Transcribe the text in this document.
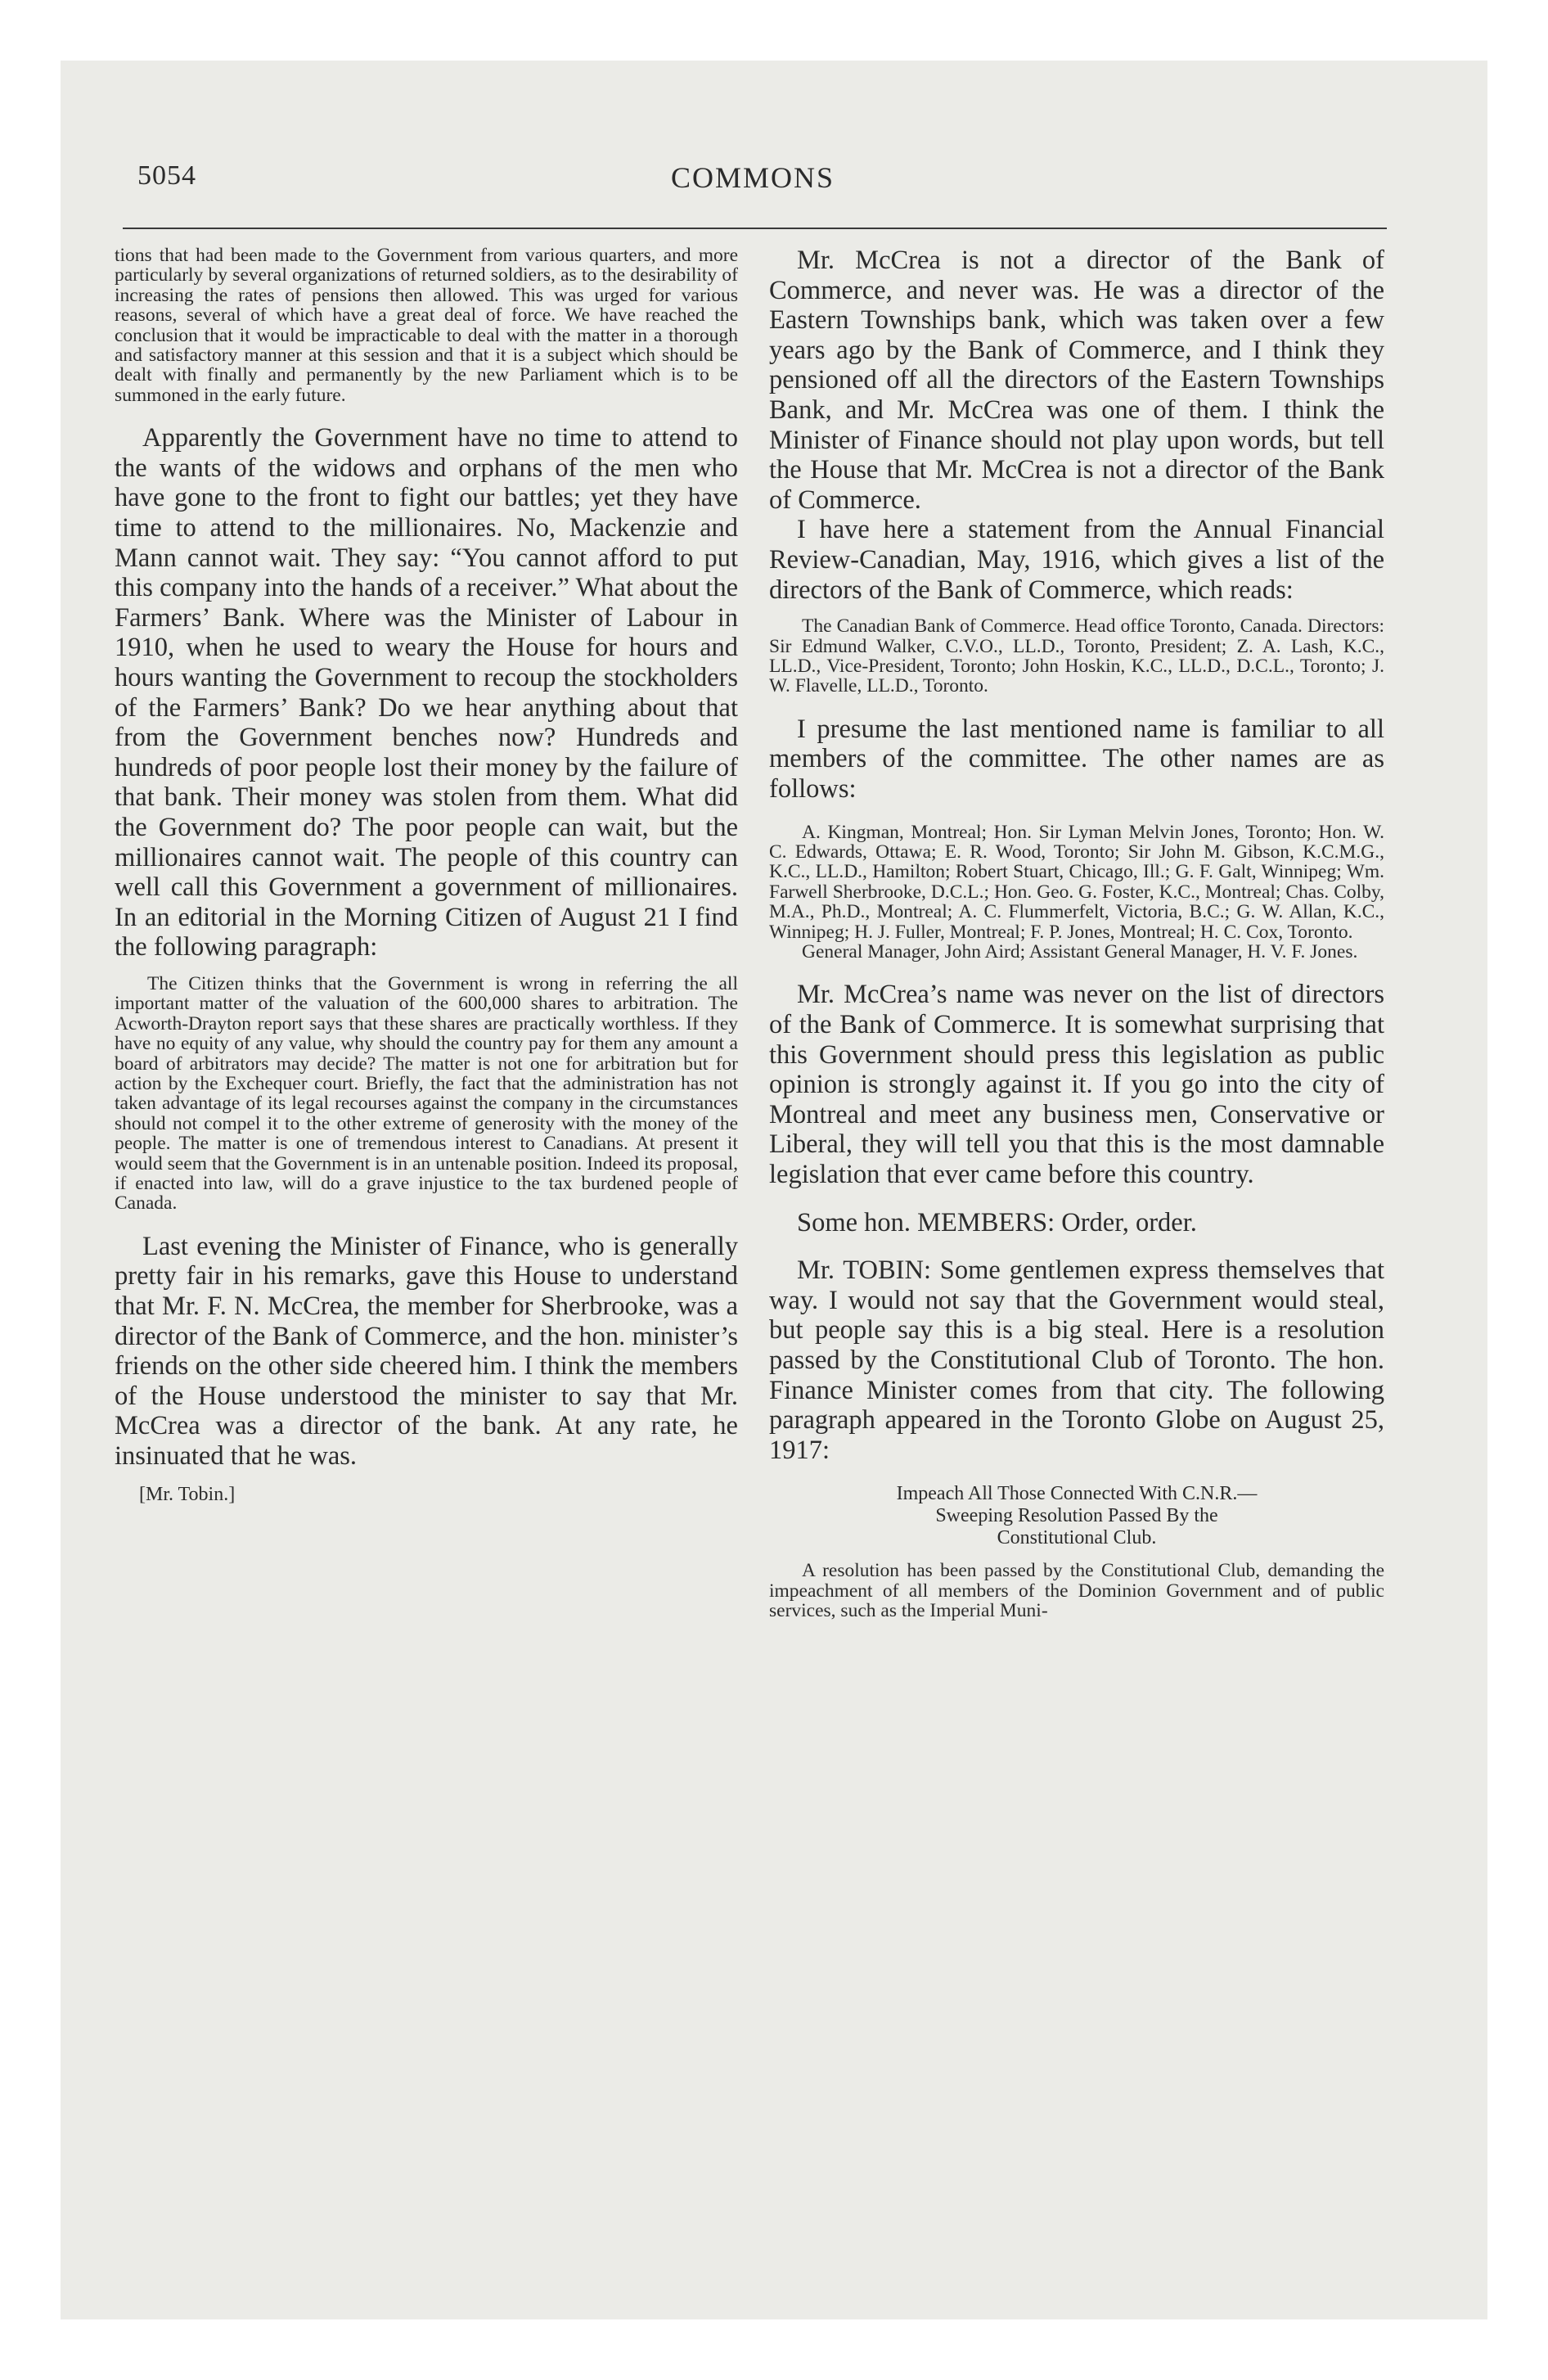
5054	COMMONS

tions that had been made to the Government from various quarters, and more particularly by several organizations of returned soldiers, as to the desirability of increasing the rates of pensions then allowed. This was urged for various reasons, several of which have a great deal of force. We have reached the conclusion that it would be impracticable to deal with the matter in a thorough and satisfactory manner at this session and that it is a subject which should be dealt with finally and permanently by the new Parliament which is to be summoned in the early future.

Apparently the Government have no time to attend to the wants of the widows and orphans of the men who have gone to the front to fight our battles; yet they have time to attend to the millionaires. No, Mackenzie and Mann cannot wait. They say: “You cannot afford to put this company into the hands of a receiver.” What about the Farmers’ Bank. Where was the Minister of Labour in 1910, when he used to weary the House for hours and hours wanting the Government to recoup the stockholders of the Farmers’ Bank? Do we hear anything about that from the Government benches now? Hundreds and hundreds of poor people lost their money by the failure of that bank. Their money was stolen from them. What did the Government do? The poor people can wait, but the millionaires cannot wait. The people of this country can well call this Government a government of millionaires. In an editorial in the Morning Citizen of August 21 I find the following paragraph:

The Citizen thinks that the Government is wrong in referring the all important matter of the valuation of the 600,000 shares to arbitration. The Acworth-Drayton report says that these shares are practically worthless. If they have no equity of any value, why should the country pay for them any amount a board of arbitrators may decide? The matter is not one for arbitration but for action by the Exchequer court. Briefly, the fact that the administration has not taken advantage of its legal recourses against the company in the circumstances should not compel it to the other extreme of generosity with the money of the people. The matter is one of tremendous interest to Canadians. At present it would seem that the Government is in an untenable position. Indeed its proposal, if enacted into law, will do a grave injustice to the tax burdened people of Canada.

Last evening the Minister of Finance, who is generally pretty fair in his remarks, gave this House to understand that Mr. F. N. McCrea, the member for Sherbrooke, was a director of the Bank of Commerce, and the hon. minister’s friends on the other side cheered him. I think the members of the House understood the minister to say that Mr. McCrea was a director of the bank. At any rate, he insinuated that he was.

[Mr. Tobin.]

Mr. McCrea is not a director of the Bank of Commerce, and never was. He was a director of the Eastern Townships bank, which was taken over a few years ago by the Bank of Commerce, and I think they pensioned off all the directors of the Eastern Townships Bank, and Mr. McCrea was one of them. I think the Minister of Finance should not play upon words, but tell the House that Mr. McCrea is not a director of the Bank of Commerce.

I have here a statement from the Annual Financial Review-Canadian, May, 1916, which gives a list of the directors of the Bank of Commerce, which reads:

The Canadian Bank of Commerce. Head office Toronto, Canada. Directors: Sir Edmund Walker, C.V.O., LL.D., Toronto, President; Z. A. Lash, K.C., LL.D., Vice-President, Toronto; John Hoskin, K.C., LL.D., D.C.L., Toronto; J. W. Flavelle, LL.D., Toronto.

I presume the last mentioned name is familiar to all members of the committee. The other names are as follows:

A. Kingman, Montreal; Hon. Sir Lyman Melvin Jones, Toronto; Hon. W. C. Edwards, Ottawa; E. R. Wood, Toronto; Sir John M. Gibson, K.C.M.G., K.C., LL.D., Hamilton; Robert Stuart, Chicago, Ill.; G. F. Galt, Winnipeg; Wm. Farwell Sherbrooke, D.C.L.; Hon. Geo. G. Foster, K.C., Montreal; Chas. Colby, M.A., Ph.D., Montreal; A. C. Flummerfelt, Victoria, B.C.; G. W. Allan, K.C., Winnipeg; H. J. Fuller, Montreal; F. P. Jones, Montreal; H. C. Cox, Toronto.

General Manager, John Aird; Assistant General Manager, H. V. F. Jones.

Mr. McCrea’s name was never on the list of directors of the Bank of Commerce. It is somewhat surprising that this Government should press this legislation as public opinion is strongly against it. If you go into the city of Montreal and meet any business men, Conservative or Liberal, they will tell you that this is the most damnable legislation that ever came before this country.

Some hon. MEMBERS: Order, order.

Mr. TOBIN: Some gentlemen express themselves that way. I would not say that the Government would steal, but people say this is a big steal. Here is a resolution passed by the Constitutional Club of Toronto. The hon. Finance Minister comes from that city. The following paragraph appeared in the Toronto Globe on August 25, 1917:

Impeach All Those Connected With C.N.R.—

Sweeping Resolution Passed By the

Constitutional Club.

A resolution has been passed by the Constitutional Club, demanding the impeachment of all members of the Dominion Government and of public services, such as the Imperial Muni-
